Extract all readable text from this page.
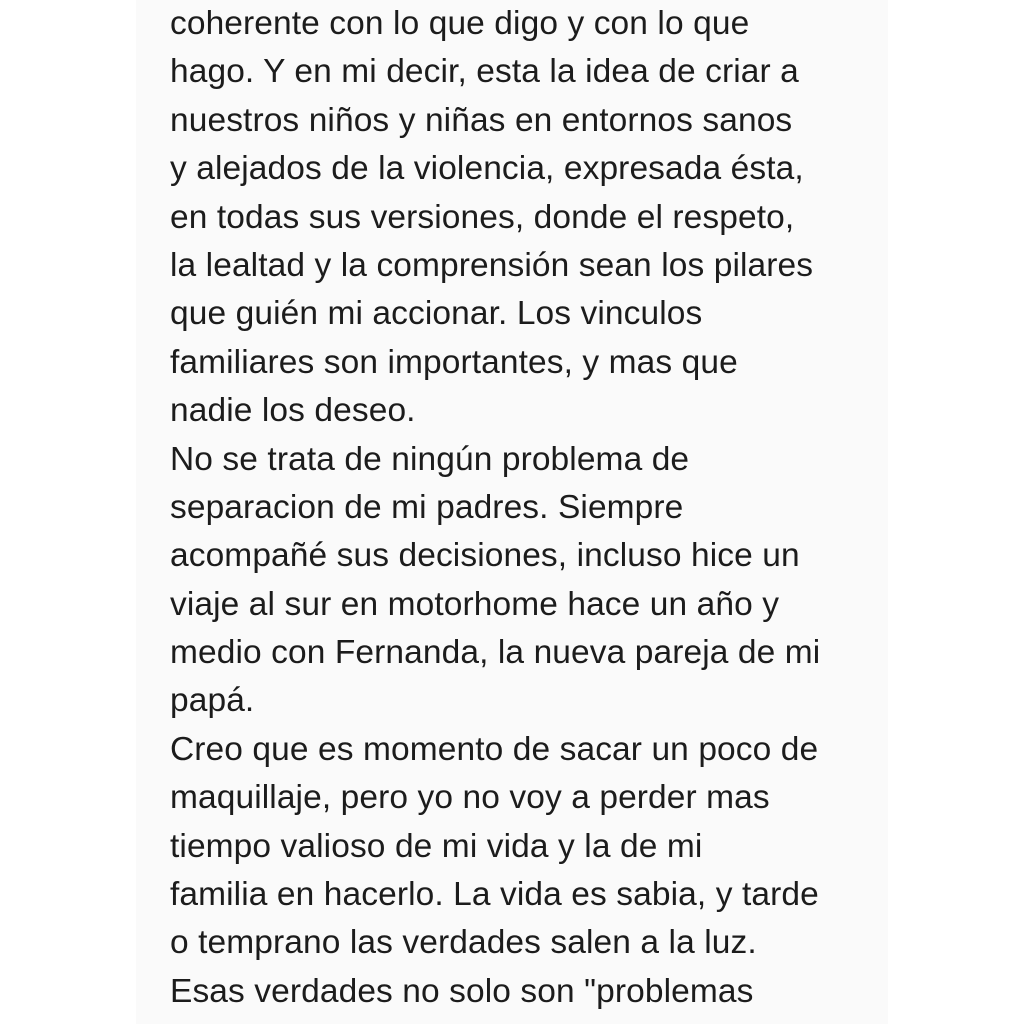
coherente con lo que digo y con lo que
hago. Y en mi decir, esta la idea de criar a
nuestros niños y niñas en entornos sanos
y alejados de la violencia, expresada ésta,
en todas sus versiones, donde el respeto,
la lealtad y la comprensión sean los pilares
que guién mi accionar. Los vinculos
familiares son importantes, y mas que
nadie los deseo.
No se trata de ningún problema de
separacion de mi padres. Siempre
acompañé sus decisiones, incluso hice un
viaje al sur en motorhome hace un año y
medio con Fernanda, la nueva pareja de mi
papá.
Creo que es momento de sacar un poco de
maquillaje, pero yo no voy a perder mas
tiempo valioso de mi vida y la de mi
familia en hacerlo. La vida es sabia, y tarde
o temprano las verdades salen a la luz.
Esas verdades no solo son "problemas
